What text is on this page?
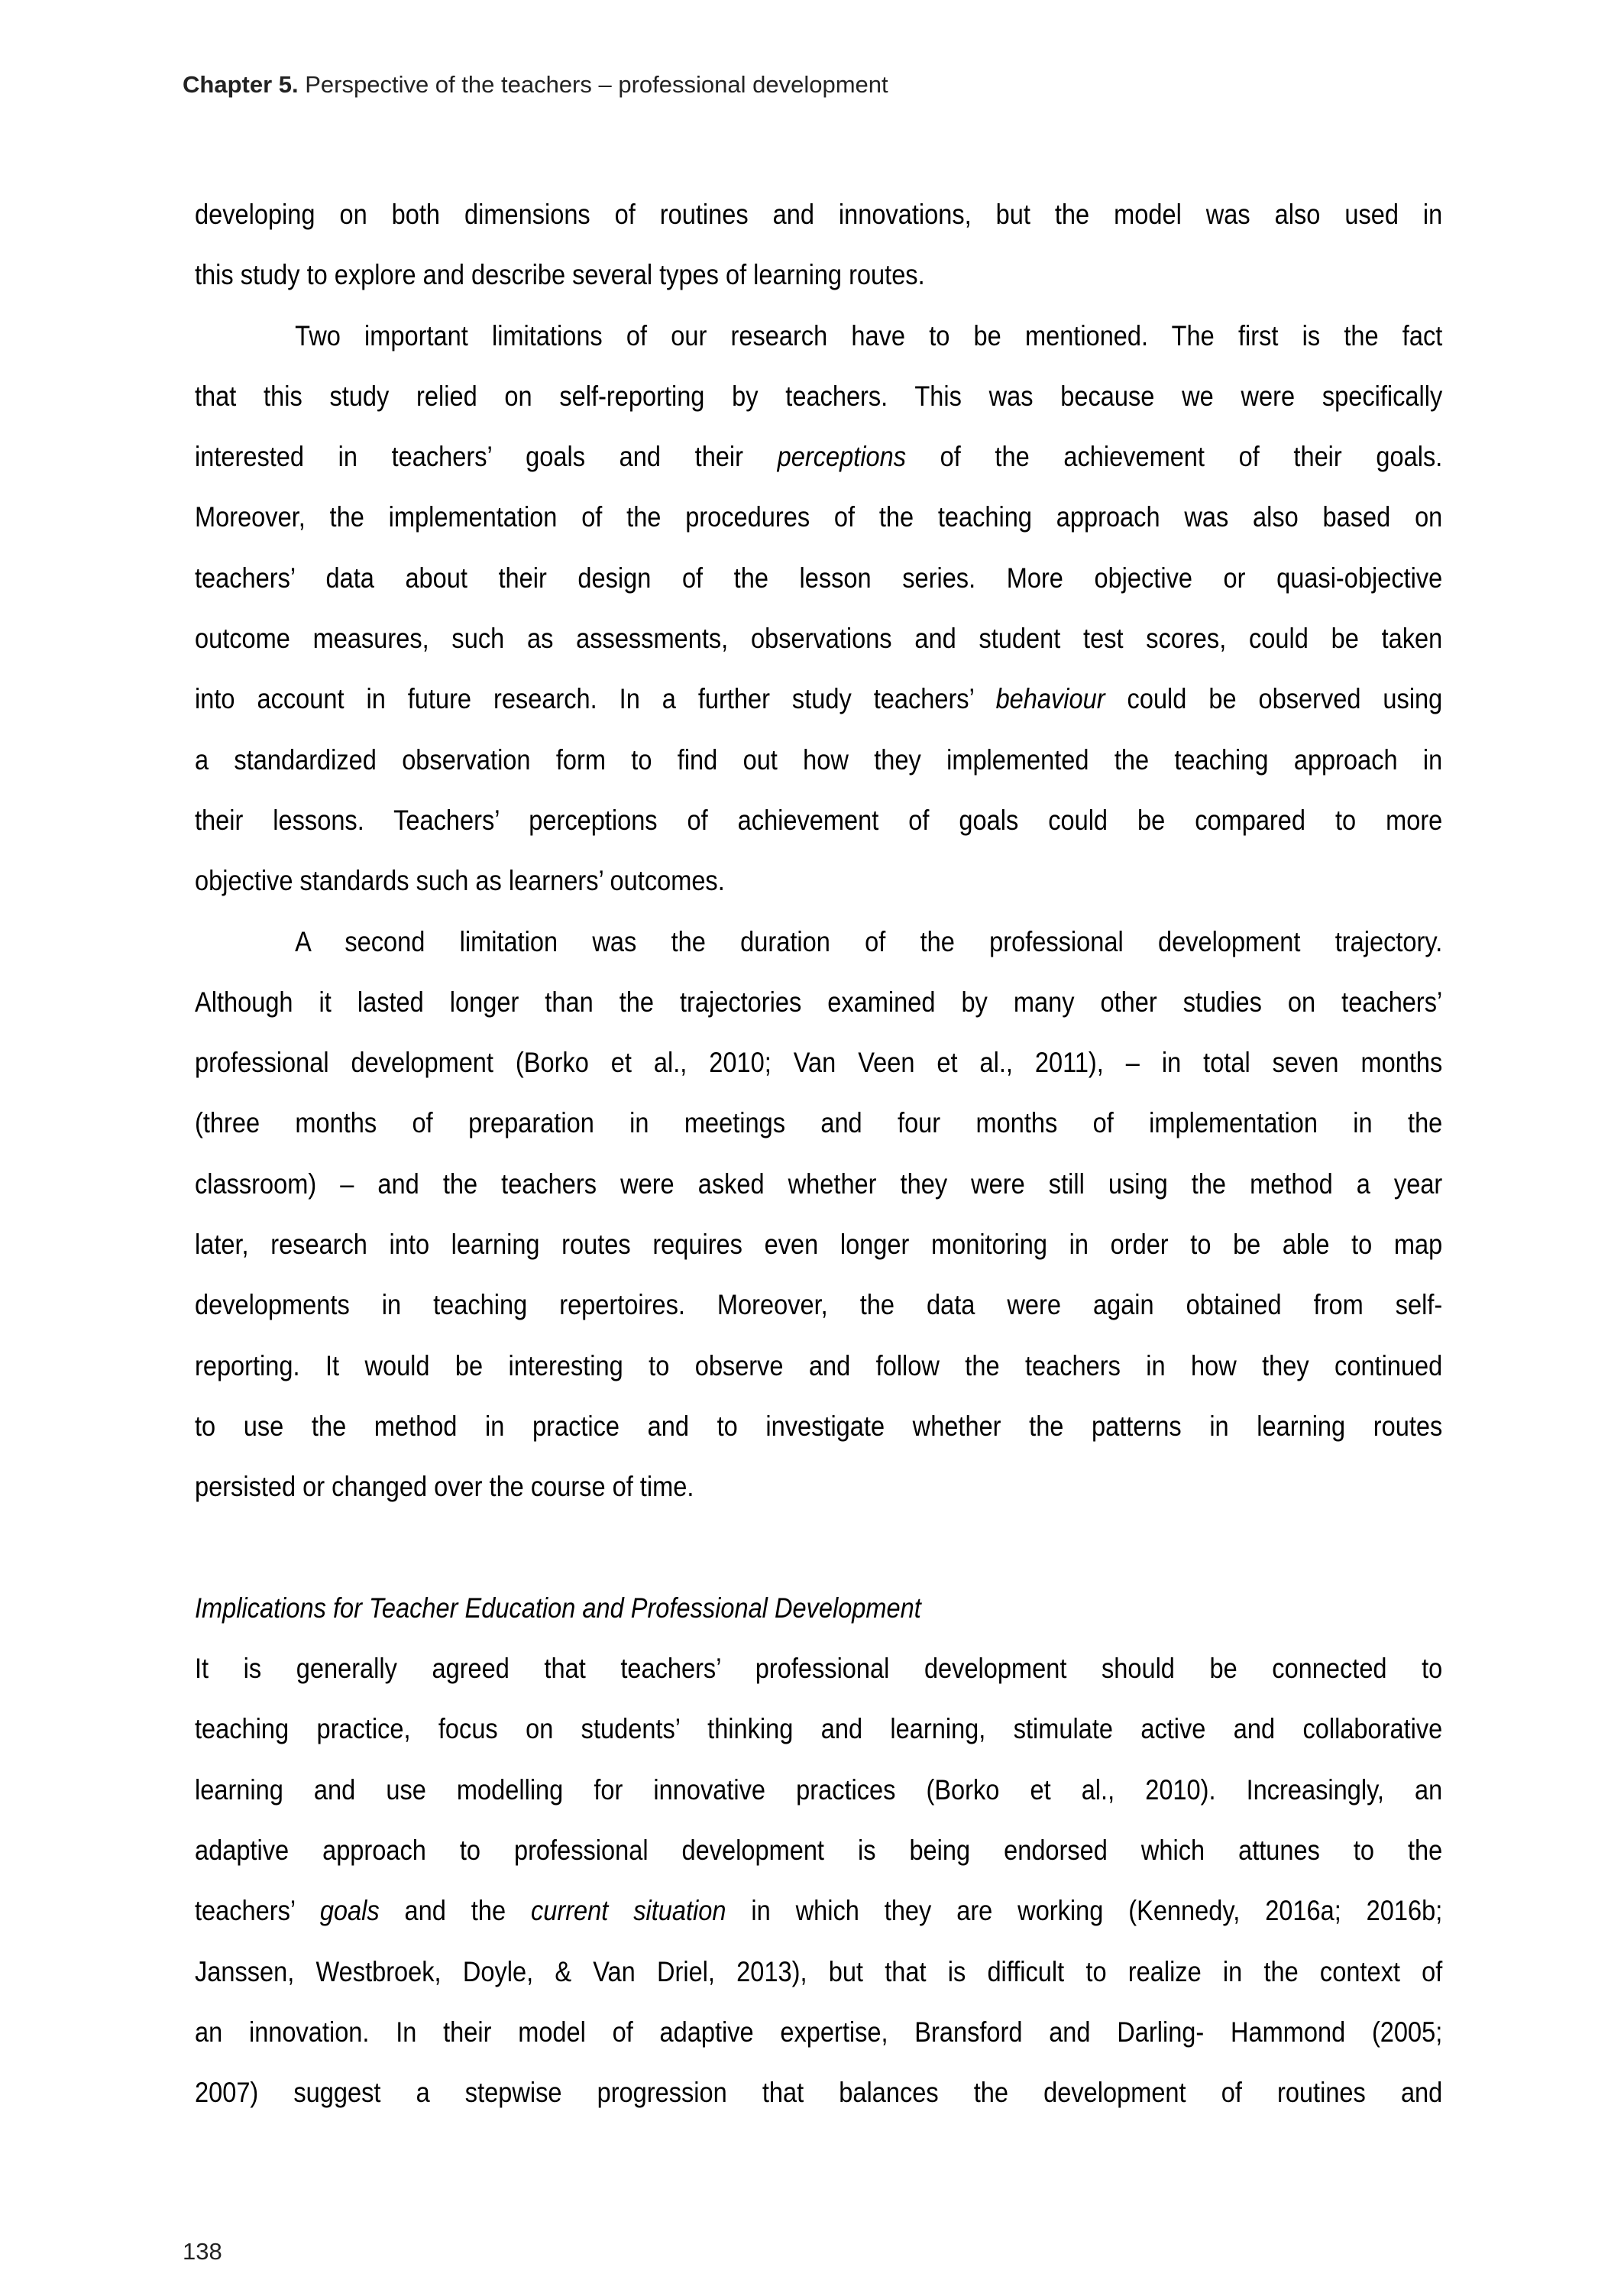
Chapter 5. Perspective of the teachers – professional development
developing on both dimensions of routines and innovations, but the model was also used in
this study to explore and describe several types of learning routes.
Two important limitations of our research have to be mentioned. The first is the fact
that this study relied on self-reporting by teachers. This was because we were specifically
interested in teachers’ goals and their perceptions of the achievement of their goals.
Moreover, the implementation of the procedures of the teaching approach was also based on
teachers’ data about their design of the lesson series. More objective or quasi-objective
outcome measures, such as assessments, observations and student test scores, could be taken
into account in future research. In a further study teachers’ behaviour could be observed using
a standardized observation form to find out how they implemented the teaching approach in
their lessons. Teachers’ perceptions of achievement of goals could be compared to more
objective standards such as learners’ outcomes.
A second limitation was the duration of the professional development trajectory.
Although it lasted longer than the trajectories examined by many other studies on teachers’
professional development (Borko et al., 2010; Van Veen et al., 2011), – in total seven months
(three months of preparation in meetings and four months of implementation in the
classroom) – and the teachers were asked whether they were still using the method a year
later, research into learning routes requires even longer monitoring in order to be able to map
developments in teaching repertoires. Moreover, the data were again obtained from self-
reporting. It would be interesting to observe and follow the teachers in how they continued
to use the method in practice and to investigate whether the patterns in learning routes
persisted or changed over the course of time.
Implications for Teacher Education and Professional Development
It is generally agreed that teachers’ professional development should be connected to
teaching practice, focus on students’ thinking and learning, stimulate active and collaborative
learning and use modelling for innovative practices (Borko et al., 2010). Increasingly, an
adaptive approach to professional development is being endorsed which attunes to the
teachers’ goals and the current situation in which they are working (Kennedy, 2016a; 2016b;
Janssen, Westbroek, Doyle, & Van Driel, 2013), but that is difficult to realize in the context of
an innovation. In their model of adaptive expertise, Bransford and Darling- Hammond (2005;
2007) suggest a stepwise progression that balances the development of routines and
138
